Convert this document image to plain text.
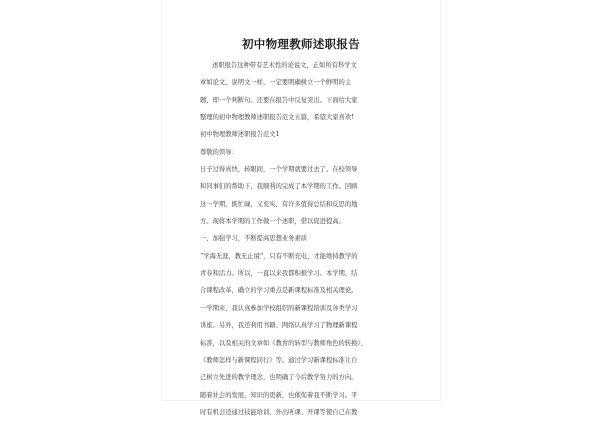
初中物理教师述职报告
述职报告这种带有艺术性的论说文，正如所有科学文
章如论文、说明文一样，一定要明确树立一个鲜明的主
题，即一个判断句。还要在报告中反复突出。下面给大家
整理的初中物理教师述职报告范文五篇，希望大家喜欢!
初中物理教师述职报告范文1
尊敬的领导：
日子过得真快，转眼间，一个学期就要过去了。在校领导
和同事们的帮助下，我顺利的完成了本学期的工作。回顾
这一学期，既忙碌，又充实，有许多值得总结和反思的地
方。现将本学期的工作做一个述职，借以促进提高。
一、加强学习，不断提高思想业务素质
“学海无涯，教无止境”，只有不断充电，才能维持教学的
青春和活力。所以，一直以来我都积极学习。本学期，结
合课程改革，确立的学习重点是新课程标准及相关理论。
一学期来，我认真参加学校组织的新课程培训及各类学习
讲座。另外，我还利用书籍、网络认真学习了物理新课程
标准，以及相关的文章如《教育的转型与教师角色的转换》、
《教师怎样与新课程同行》等。通过学习新课程标准让自
己树立先进的教学理念，也明确了今后教学努力的方向。
随着社会的发展，知识的更新，也催促着我不断学习。平
时有机会还通过技能培训、外出听课、开课等使自己在教
